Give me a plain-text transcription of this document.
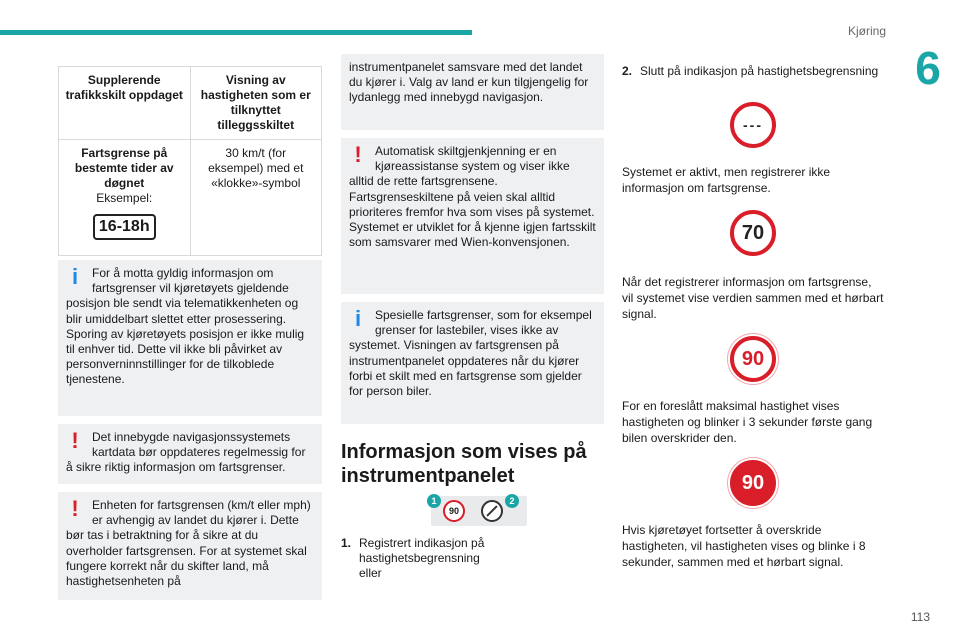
Kjøring
6
113
Supplerende trafikkskilt oppdaget	Visning av hastigheten som er tilknyttet tilleggsskiltet

Fartsgrense på bestemte tider av døgnet
Eksempel:
16-18h	30 km/t (for eksempel) med et «klokke»-symbol
i	For å motta gyldig informasjon om fartsgrenser vil kjøretøyets gjeldende posisjon ble sendt via telematikkenheten og blir umiddelbart slettet etter prosessering. Sporing av kjøretøyets posisjon er ikke mulig til enhver tid. Dette vil ikke bli påvirket av personverninnstillinger for de tilkoblede tjenestene.

!	Det innebygde navigasjonssystemets kartdata bør oppdateres regelmessig for å sikre riktig informasjon om fartsgrenser.

!	Enheten for fartsgrensen (km/t eller mph) er avhengig av landet du kjører i. Dette bør tas i betraktning for å sikre at du overholder fartsgrensen. For at systemet skal fungere korrekt når du skifter land, må hastighetsenheten på

instrumentpanelet samsvare med det landet du kjører i. Valg av land er kun tilgjengelig for lydanlegg med innebygd navigasjon.

!	Automatisk skiltgjenkjenning er en kjøreassistanse system og viser ikke alltid de rette fartsgrensene. Fartsgrenseskiltene på veien skal alltid prioriteres fremfor hva som vises på systemet. Systemet er utviklet for å kjenne igjen fartsskilt som samsvarer med Wien-konvensjonen.

i	Spesielle fartsgrenser, som for eksempel grenser for lastebiler, vises ikke av systemet. Visningen av fartsgrensen på instrumentpanelet oppdateres når du kjører forbi et skilt med en fartsgrense som gjelder for person biler.

Informasjon som vises på instrumentpanelet
1
90
2
1. Registrert indikasjon på hastighetsbegrensning eller
2. Slutt på indikasjon på hastighetsbegrensning
---
Systemet er aktivt, men registrerer ikke informasjon om fartsgrense.
70
Når det registrerer informasjon om fartsgrense, vil systemet vise verdien sammen med et hørbart signal.
90
For en foreslått maksimal hastighet vises hastigheten og blinker i 3 sekunder første gang bilen overskrider den.
90
Hvis kjøretøyet fortsetter å overskride hastigheten, vil hastigheten vises og blinke i 8 sekunder, sammen med et hørbart signal.
